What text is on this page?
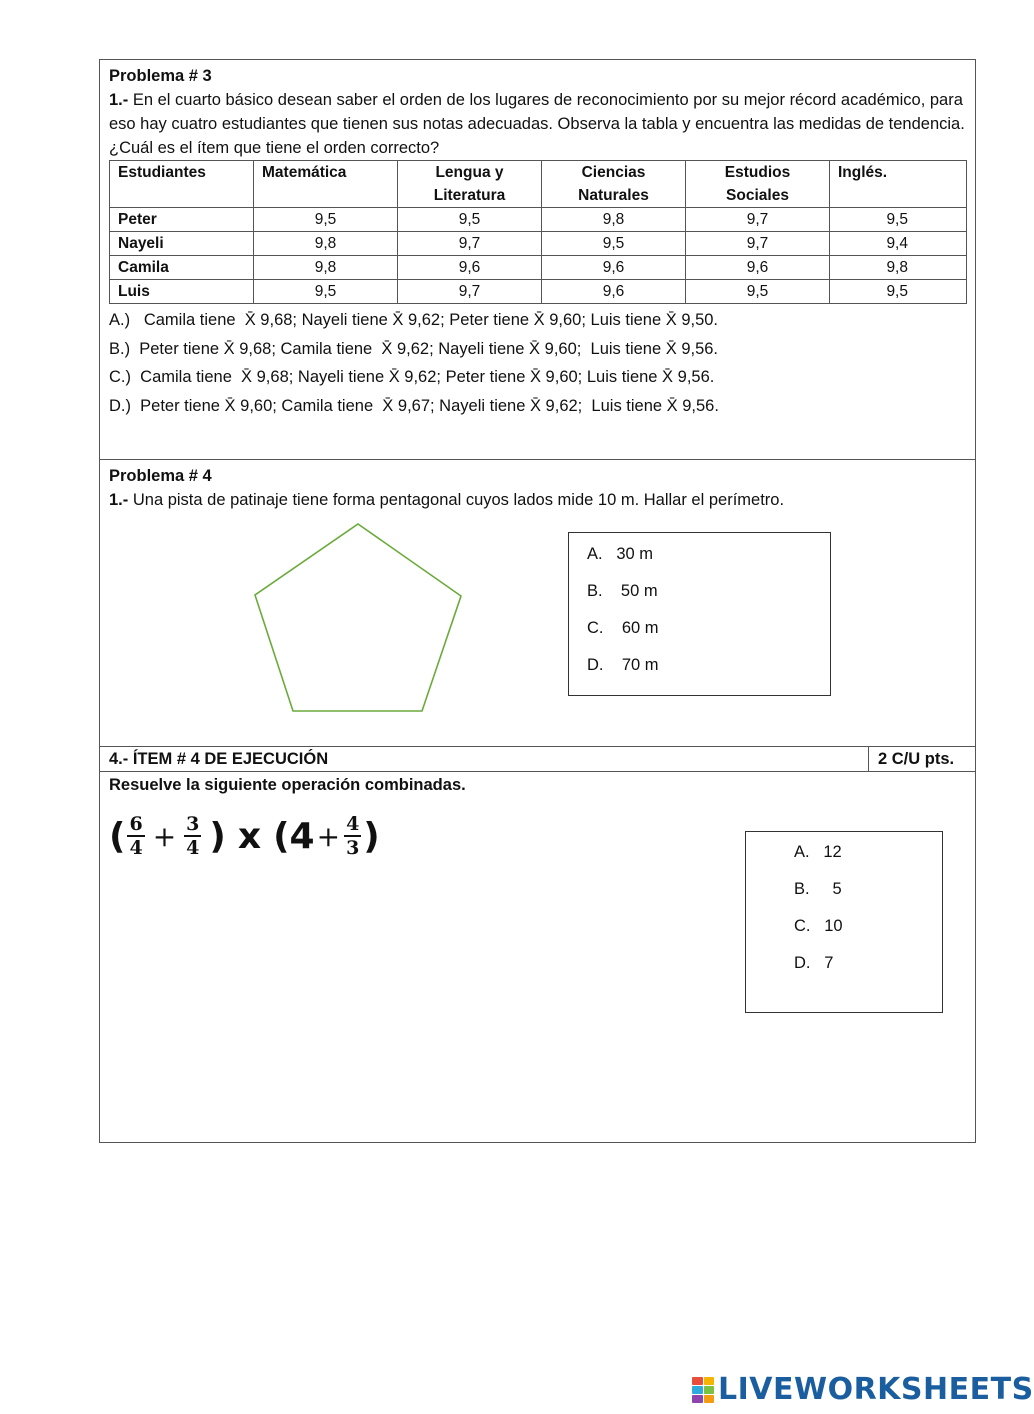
Problema # 3
1.- En el cuarto básico desean saber el orden de los lugares de reconocimiento por su mejor récord académico, para eso hay cuatro estudiantes que tienen sus notas adecuadas. Observa la tabla y encuentra las medidas de tendencia. ¿Cuál es el ítem que tiene el orden correcto?
Estudiantes	Matemática	Lengua y Literatura	Ciencias Naturales	Estudios Sociales	Inglés.
Peter	9,5	9,5	9,8	9,7	9,5
Nayeli	9,8	9,7	9,5	9,7	9,4
Camila	9,8	9,6	9,6	9,6	9,8
Luis	9,5	9,7	9,6	9,5	9,5
A.)   Camila tiene  X̄ 9,68; Nayeli tiene X̄ 9,62; Peter tiene X̄ 9,60; Luis tiene X̄ 9,50.
B.)  Peter tiene X̄ 9,68; Camila tiene  X̄ 9,62; Nayeli tiene X̄ 9,60;  Luis tiene X̄ 9,56.
C.)  Camila tiene  X̄ 9,68; Nayeli tiene X̄ 9,62; Peter tiene X̄ 9,60; Luis tiene X̄ 9,56.
D.)  Peter tiene X̄ 9,60; Camila tiene  X̄ 9,67; Nayeli tiene X̄ 9,62;  Luis tiene X̄ 9,56.
Problema # 4
1.- Una pista de patinaje tiene forma pentagonal cuyos lados mide 10 m. Hallar el perímetro.
4.- ÍTEM # 4 DE EJECUCIÓN	2 C/U pts.
Resuelve la siguiente operación combinadas.
( $\frac{6}{4} + \frac{3}{4}$ ) x ($4 + \frac{4}{3}$ )
A.   30 m
B.    50 m
C.    60 m
D.    70 m
A.   12
B.     5
C.   10
D.   7
LIVEWORKSHEETS
